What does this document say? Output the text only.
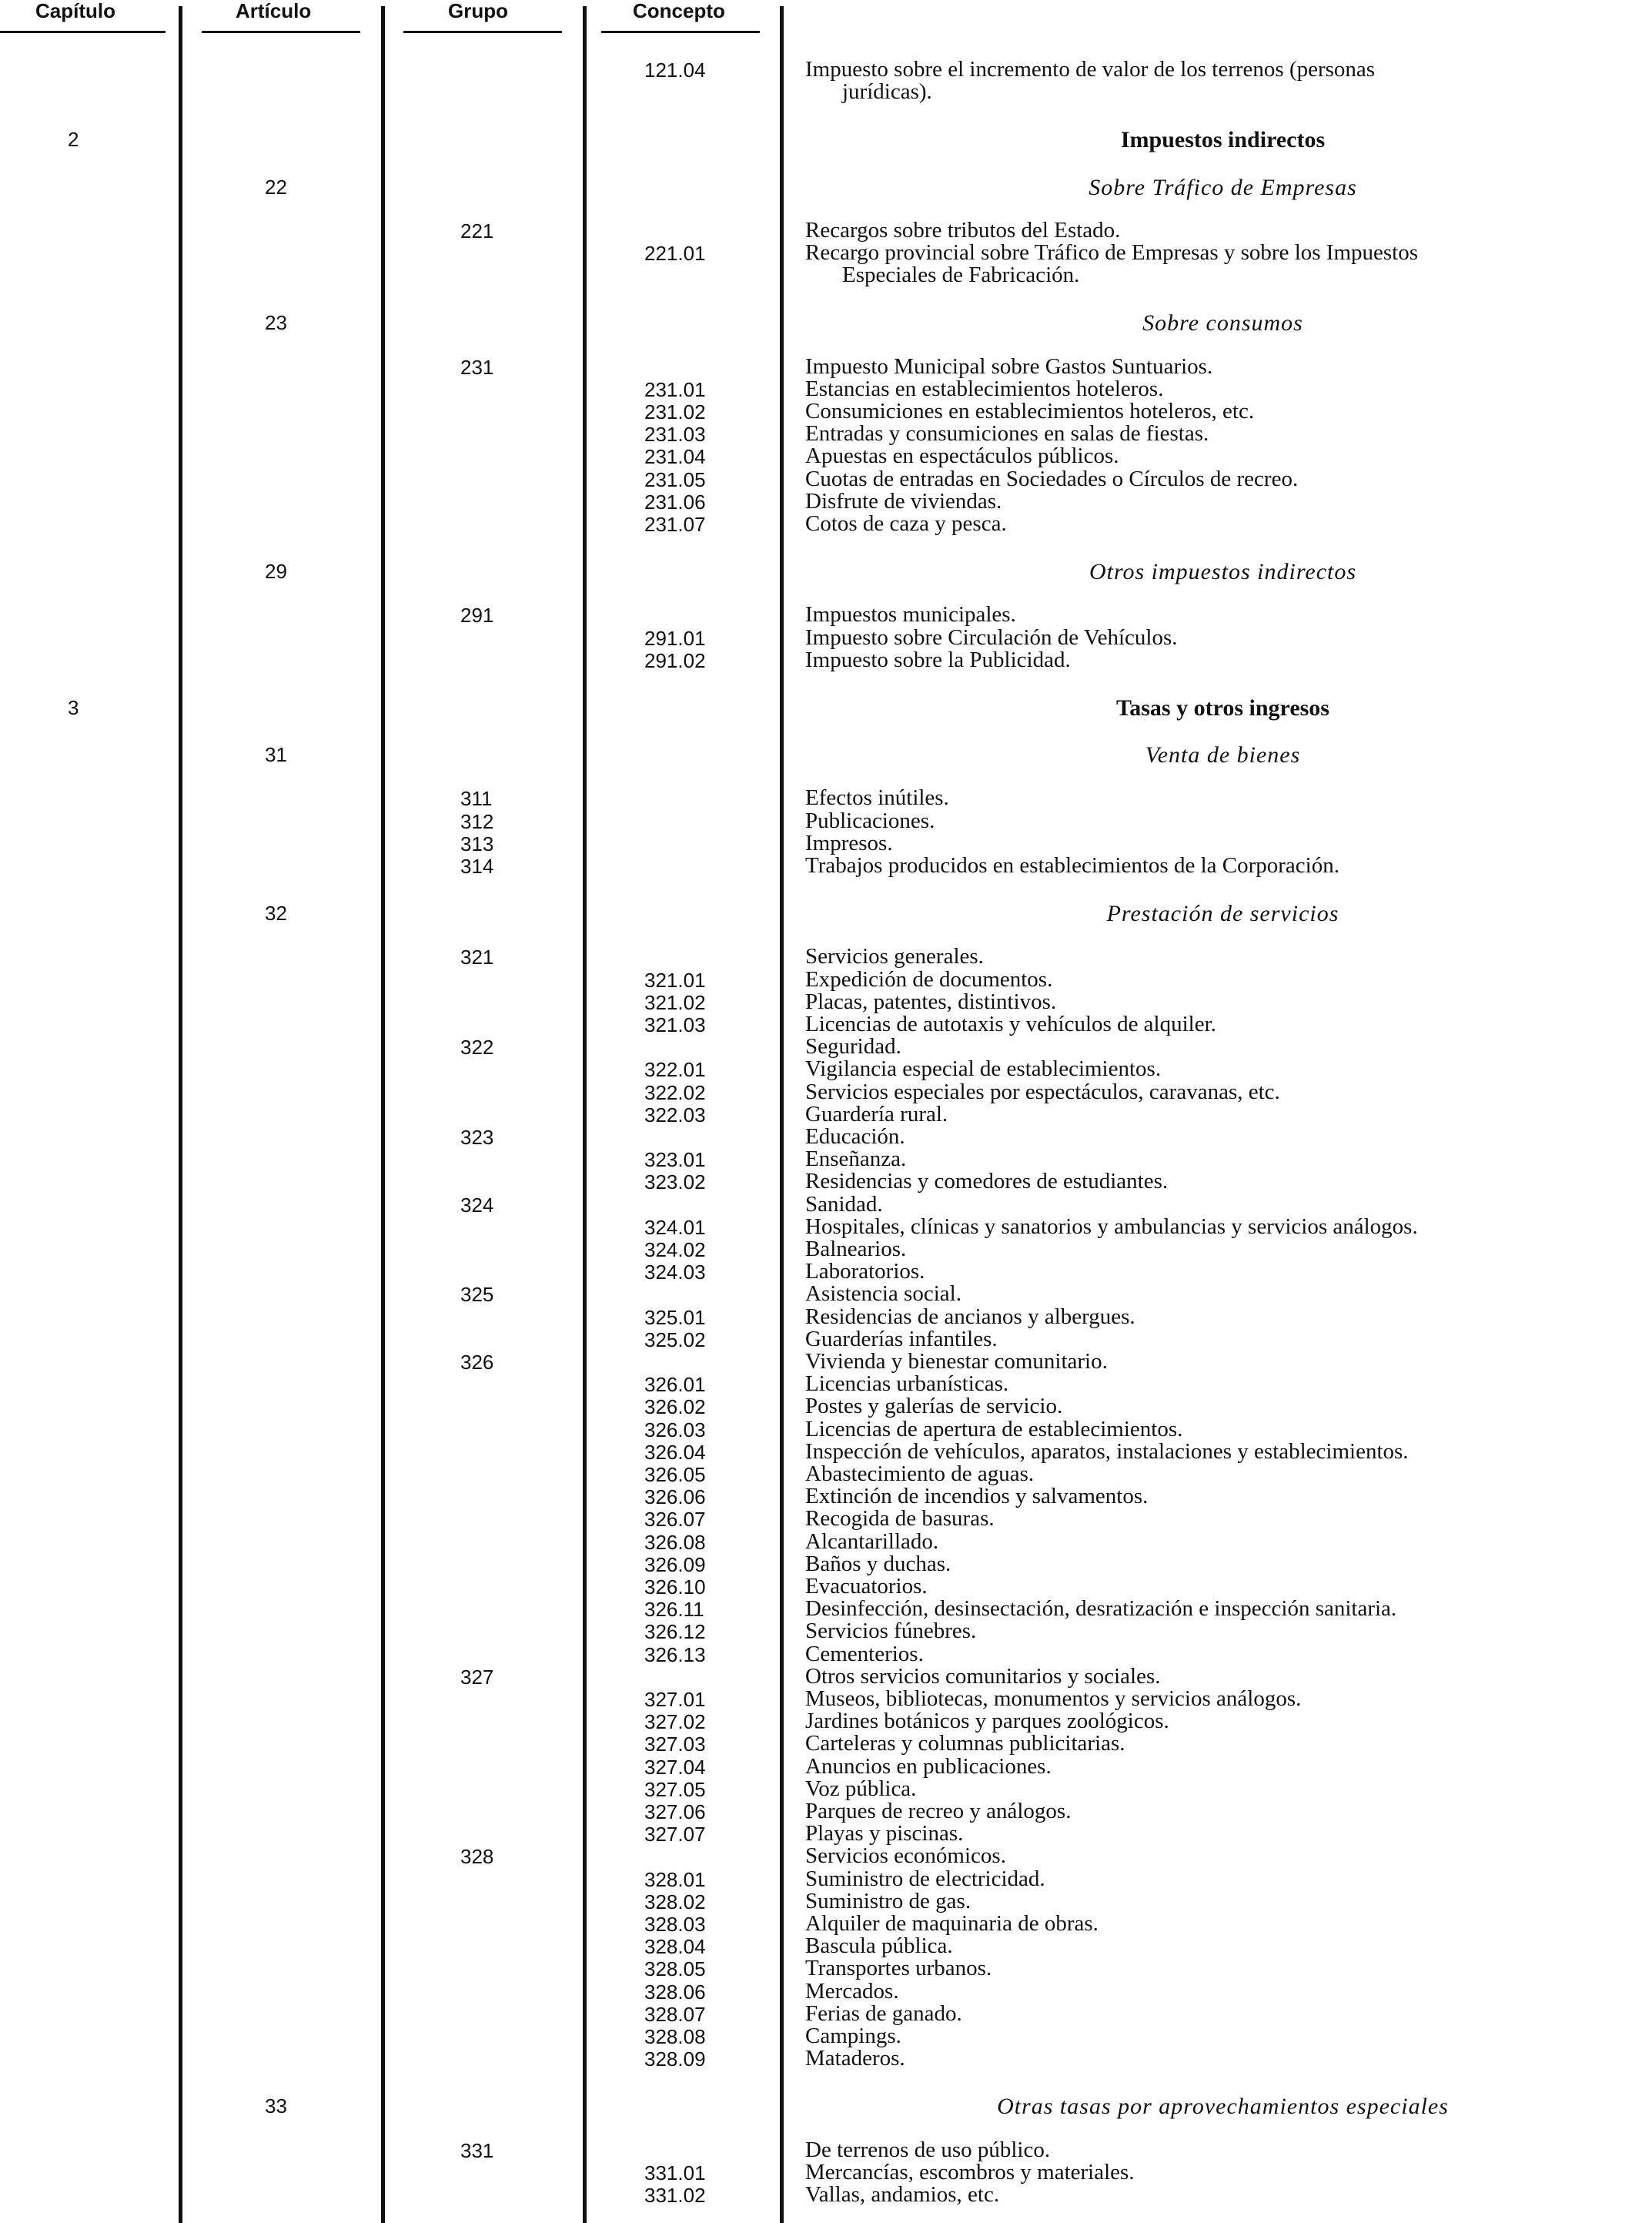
Capítulo	Artículo	Grupo	Concepto
121.04	Impuesto sobre el incremento de valor de los terrenos (personas
jurídicas).
2	Impuestos indirectos
22	Sobre Tráfico de Empresas
221	Recargos sobre tributos del Estado.
221.01	Recargo provincial sobre Tráfico de Empresas y sobre los Impuestos
Especiales de Fabricación.
23	Sobre consumos
231	Impuesto Municipal sobre Gastos Suntuarios.
231.01	Estancias en establecimientos hoteleros.
231.02	Consumiciones en establecimientos hoteleros, etc.
231.03	Entradas y consumiciones en salas de fiestas.
231.04	Apuestas en espectáculos públicos.
231.05	Cuotas de entradas en Sociedades o Círculos de recreo.
231.06	Disfrute de viviendas.
231.07	Cotos de caza y pesca.
29	Otros impuestos indirectos
291	Impuestos municipales.
291.01	Impuesto sobre Circulación de Vehículos.
291.02	Impuesto sobre la Publicidad.
3	Tasas y otros ingresos
31	Venta de bienes
311	Efectos inútiles.
312	Publicaciones.
313	Impresos.
314	Trabajos producidos en establecimientos de la Corporación.
32	Prestación de servicios
321	Servicios generales.
321.01	Expedición de documentos.
321.02	Placas, patentes, distintivos.
321.03	Licencias de autotaxis y vehículos de alquiler.
322	Seguridad.
322.01	Vigilancia especial de establecimientos.
322.02	Servicios especiales por espectáculos, caravanas, etc.
322.03	Guardería rural.
323	Educación.
323.01	Enseñanza.
323.02	Residencias y comedores de estudiantes.
324	Sanidad.
324.01	Hospitales, clínicas y sanatorios y ambulancias y servicios análogos.
324.02	Balnearios.
324.03	Laboratorios.
325	Asistencia social.
325.01	Residencias de ancianos y albergues.
325.02	Guarderías infantiles.
326	Vivienda y bienestar comunitario.
326.01	Licencias urbanísticas.
326.02	Postes y galerías de servicio.
326.03	Licencias de apertura de establecimientos.
326.04	Inspección de vehículos, aparatos, instalaciones y establecimientos.
326.05	Abastecimiento de aguas.
326.06	Extinción de incendios y salvamentos.
326.07	Recogida de basuras.
326.08	Alcantarillado.
326.09	Baños y duchas.
326.10	Evacuatorios.
326.11	Desinfección, desinsectación, desratización e inspección sanitaria.
326.12	Servicios fúnebres.
326.13	Cementerios.
327	Otros servicios comunitarios y sociales.
327.01	Museos, bibliotecas, monumentos y servicios análogos.
327.02	Jardines botánicos y parques zoológicos.
327.03	Carteleras y columnas publicitarias.
327.04	Anuncios en publicaciones.
327.05	Voz pública.
327.06	Parques de recreo y análogos.
327.07	Playas y piscinas.
328	Servicios económicos.
328.01	Suministro de electricidad.
328.02	Suministro de gas.
328.03	Alquiler de maquinaria de obras.
328.04	Bascula pública.
328.05	Transportes urbanos.
328.06	Mercados.
328.07	Ferias de ganado.
328.08	Campings.
328.09	Mataderos.
33	Otras tasas por aprovechamientos especiales
331	De terrenos de uso público.
331.01	Mercancías, escombros y materiales.
331.02	Vallas, andamios, etc.
